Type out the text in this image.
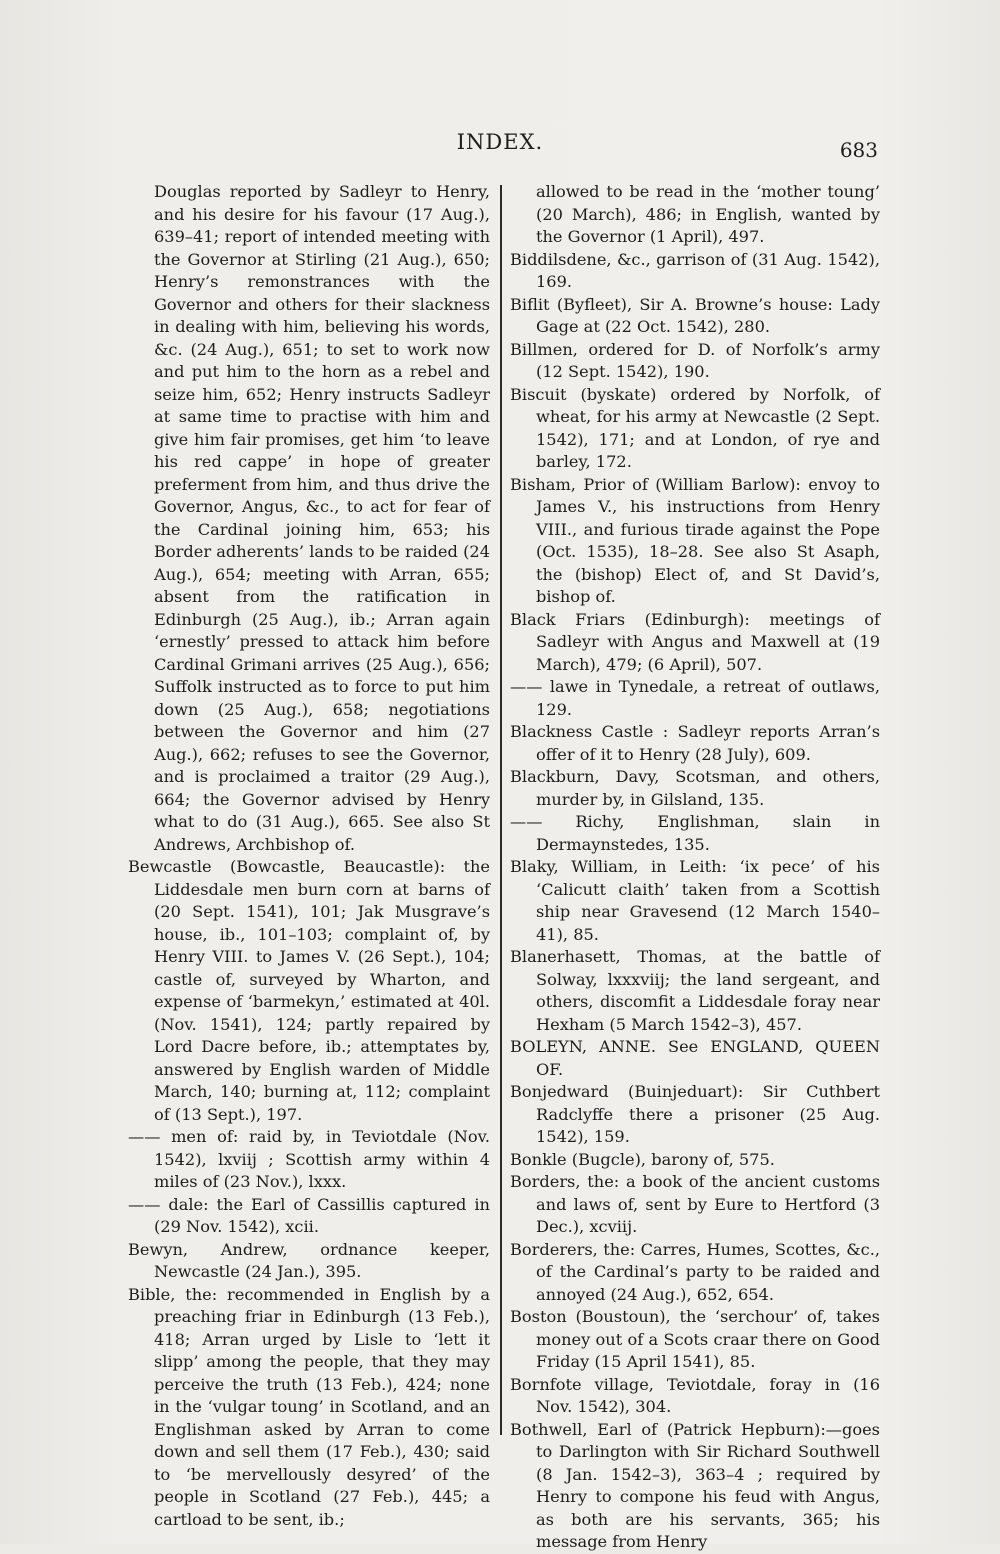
INDEX.	683

Douglas reported by Sadleyr to Henry, and his desire for his favour (17 Aug.), 639–41; report of intended meeting with the Governor at Stirling (21 Aug.), 650; Henry’s remonstrances with the Governor and others for their slackness in dealing with him, believing his words, &c. (24 Aug.), 651; to set to work now and put him to the horn as a rebel and seize him, 652; Henry instructs Sadleyr at same time to practise with him and give him fair promises, get him ‘to leave his red cappe’ in hope of greater preferment from him, and thus drive the Governor, Angus, &c., to act for fear of the Cardinal joining him, 653; his Border adherents’ lands to be raided (24 Aug.), 654; meeting with Arran, 655; absent from the ratification in Edinburgh (25 Aug.), ib.; Arran again ‘ernestly’ pressed to attack him before Cardinal Grimani arrives (25 Aug.), 656; Suffolk instructed as to force to put him down (25 Aug.), 658; negotiations between the Governor and him (27 Aug.), 662; refuses to see the Governor, and is proclaimed a traitor (29 Aug.), 664; the Governor advised by Henry what to do (31 Aug.), 665. See also St Andrews, Archbishop of.

Bewcastle (Bowcastle, Beaucastle): the Liddesdale men burn corn at barns of (20 Sept. 1541), 101; Jak Musgrave’s house, ib., 101–103; complaint of, by Henry VIII. to James V. (26 Sept.), 104; castle of, surveyed by Wharton, and expense of ‘barmekyn,’ estimated at 40l. (Nov. 1541), 124; partly repaired by Lord Dacre before, ib.; attemptates by, answered by English warden of Middle March, 140; burning at, 112; complaint of (13 Sept.), 197.

—— men of: raid by, in Teviotdale (Nov. 1542), lxviij ; Scottish army within 4 miles of (23 Nov.), lxxx.

—— dale: the Earl of Cassillis captured in (29 Nov. 1542), xcii.

Bewyn, Andrew, ordnance keeper, Newcastle (24 Jan.), 395.

Bible, the: recommended in English by a preaching friar in Edinburgh (13 Feb.), 418; Arran urged by Lisle to ‘lett it slipp’ among the people, that they may perceive the truth (13 Feb.), 424; none in the ‘vulgar toung’ in Scotland, and an Englishman asked by Arran to come down and sell them (17 Feb.), 430; said to ‘be mervellously desyred’ of the people in Scotland (27 Feb.), 445; a cartload to be sent, ib.;

allowed to be read in the ‘mother toung’ (20 March), 486; in English, wanted by the Governor (1 April), 497.

Biddilsdene, &c., garrison of (31 Aug. 1542), 169.

Biflit (Byfleet), Sir A. Browne’s house: Lady Gage at (22 Oct. 1542), 280.

Billmen, ordered for D. of Norfolk’s army (12 Sept. 1542), 190.

Biscuit (byskate) ordered by Norfolk, of wheat, for his army at Newcastle (2 Sept. 1542), 171; and at London, of rye and barley, 172.

Bisham, Prior of (William Barlow): envoy to James V., his instructions from Henry VIII., and furious tirade against the Pope (Oct. 1535), 18–28. See also St Asaph, the (bishop) Elect of, and St David’s, bishop of.

Black Friars (Edinburgh): meetings of Sadleyr with Angus and Maxwell at (19 March), 479; (6 April), 507.

—— lawe in Tynedale, a retreat of outlaws, 129.

Blackness Castle : Sadleyr reports Arran’s offer of it to Henry (28 July), 609.

Blackburn, Davy, Scotsman, and others, murder by, in Gilsland, 135.

—— Richy, Englishman, slain in Dermaynstedes, 135.

Blaky, William, in Leith: ‘ix pece’ of his ‘Calicutt claith’ taken from a Scottish ship near Gravesend (12 March 1540–41), 85.

Blanerhasett, Thomas, at the battle of Solway, lxxxviij; the land sergeant, and others, discomfit a Liddesdale foray near Hexham (5 March 1542–3), 457.

BOLEYN, ANNE. See ENGLAND, QUEEN OF.

Bonjedward (Buinjeduart): Sir Cuthbert Radclyffe there a prisoner (25 Aug. 1542), 159.

Bonkle (Bugcle), barony of, 575.

Borders, the: a book of the ancient customs and laws of, sent by Eure to Hertford (3 Dec.), xcviij.

Borderers, the: Carres, Humes, Scottes, &c., of the Cardinal’s party to be raided and annoyed (24 Aug.), 652, 654.

Boston (Boustoun), the ‘serchour’ of, takes money out of a Scots craar there on Good Friday (15 April 1541), 85.

Bornfote village, Teviotdale, foray in (16 Nov. 1542), 304.

Bothwell, Earl of (Patrick Hepburn):—goes to Darlington with Sir Richard Southwell (8 Jan. 1542–3), 363–4 ; required by Henry to compone his feud with Angus, as both are his servants, 365; his message from Henry
